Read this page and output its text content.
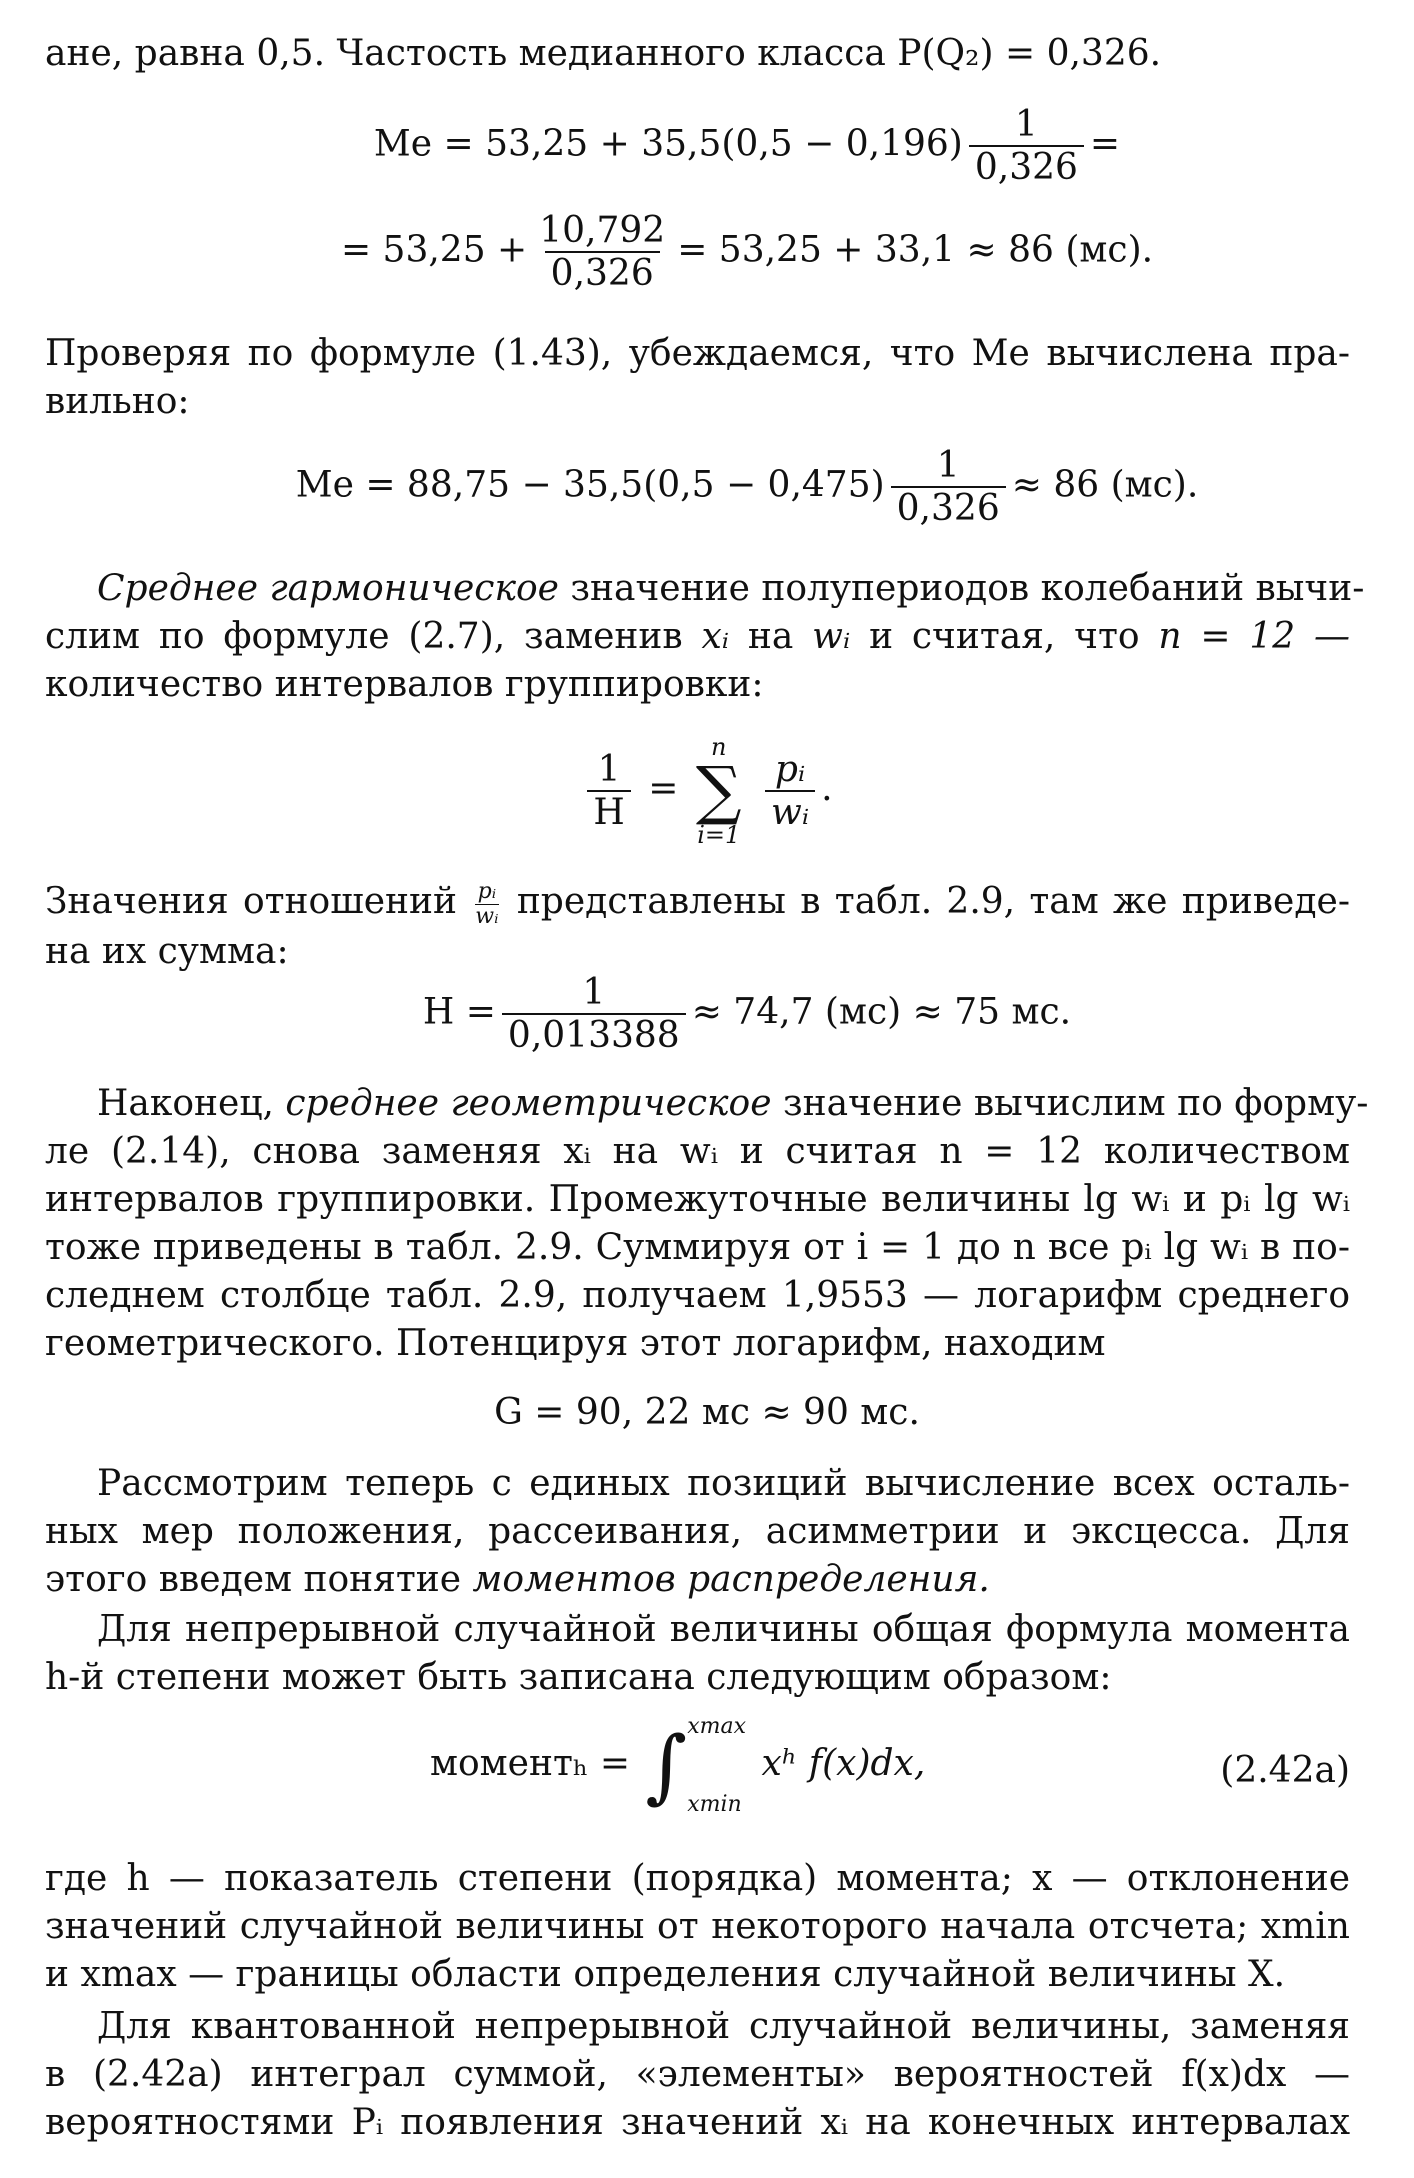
ане, равна 0,5. Частость медианного класса P(Q₂) = 0,326.
$Me = 53,25 + 35,5(0,5 - 0,196) \frac{1}{0,326}$ =
= $53,25 + \frac{10,792}{0,326} = 53,25 + 33,1 \approx 86$ (мс).
Проверяя по формуле (1.43), убеждаемся, что Me вычислена пра-
вильно:
$Me = 88,75 - 35,5(0,5 - 0,475) \frac{1}{0,326} \approx 86$ (мс).
Среднее гармоническое значение полупериодов колебаний вычи-
слим по формуле (2.7), заменив xᵢ на wᵢ и считая, что n = 12 —
количество интервалов группировки:
$\frac{1}{H}$ =
n
∑
i=1

$\frac{\text{pᵢ}}{\text{wᵢ}}$ .
Значения отношений $\frac{\text{pᵢ}}{\text{wᵢ}}$ представлены в табл. 2.9, там же приведе-
на их сумма:
$H = \frac{1}{0,013388} \approx 74,7$ (мс) ≈ 75 мс.
Наконец, среднее геометрическое значение вычислим по форму-
ле (2.14), снова заменяя xᵢ на wᵢ и считая n = 12 количеством
интервалов группировки. Промежуточные величины lg wᵢ и pᵢ lg wᵢ
тоже приведены в табл. 2.9. Суммируя от i = 1 до n все pᵢ lg wᵢ в по-
следнем столбце табл. 2.9, получаем 1,9553 — логарифм среднего
геометрического. Потенцируя этот логарифм, находим
G = 90, 22 мс ≈ 90 мс.
Рассмотрим теперь с единых позиций вычисление всех осталь-
ных мер положения, рассеивания, асимметрии и эксцесса. Для
этого введем понятие моментов распределения.
Для непрерывной случайной величины общая формула момента
h-й степени может быть записана следующим образом:
моментₕ = ∫ xmax
xmin
xʰ f(x)dx,	(2.42a)
где h — показатель степени (порядка) момента; x — отклонение
значений случайной величины от некоторого начала отсчета; xmin
и xmax — границы области определения случайной величины X.
Для квантованной непрерывной случайной величины, заменяя
в (2.42a) интеграл суммой, «элементы» вероятностей f(x)dx —
вероятностями Pᵢ появления значений xᵢ на конечных интервалах
